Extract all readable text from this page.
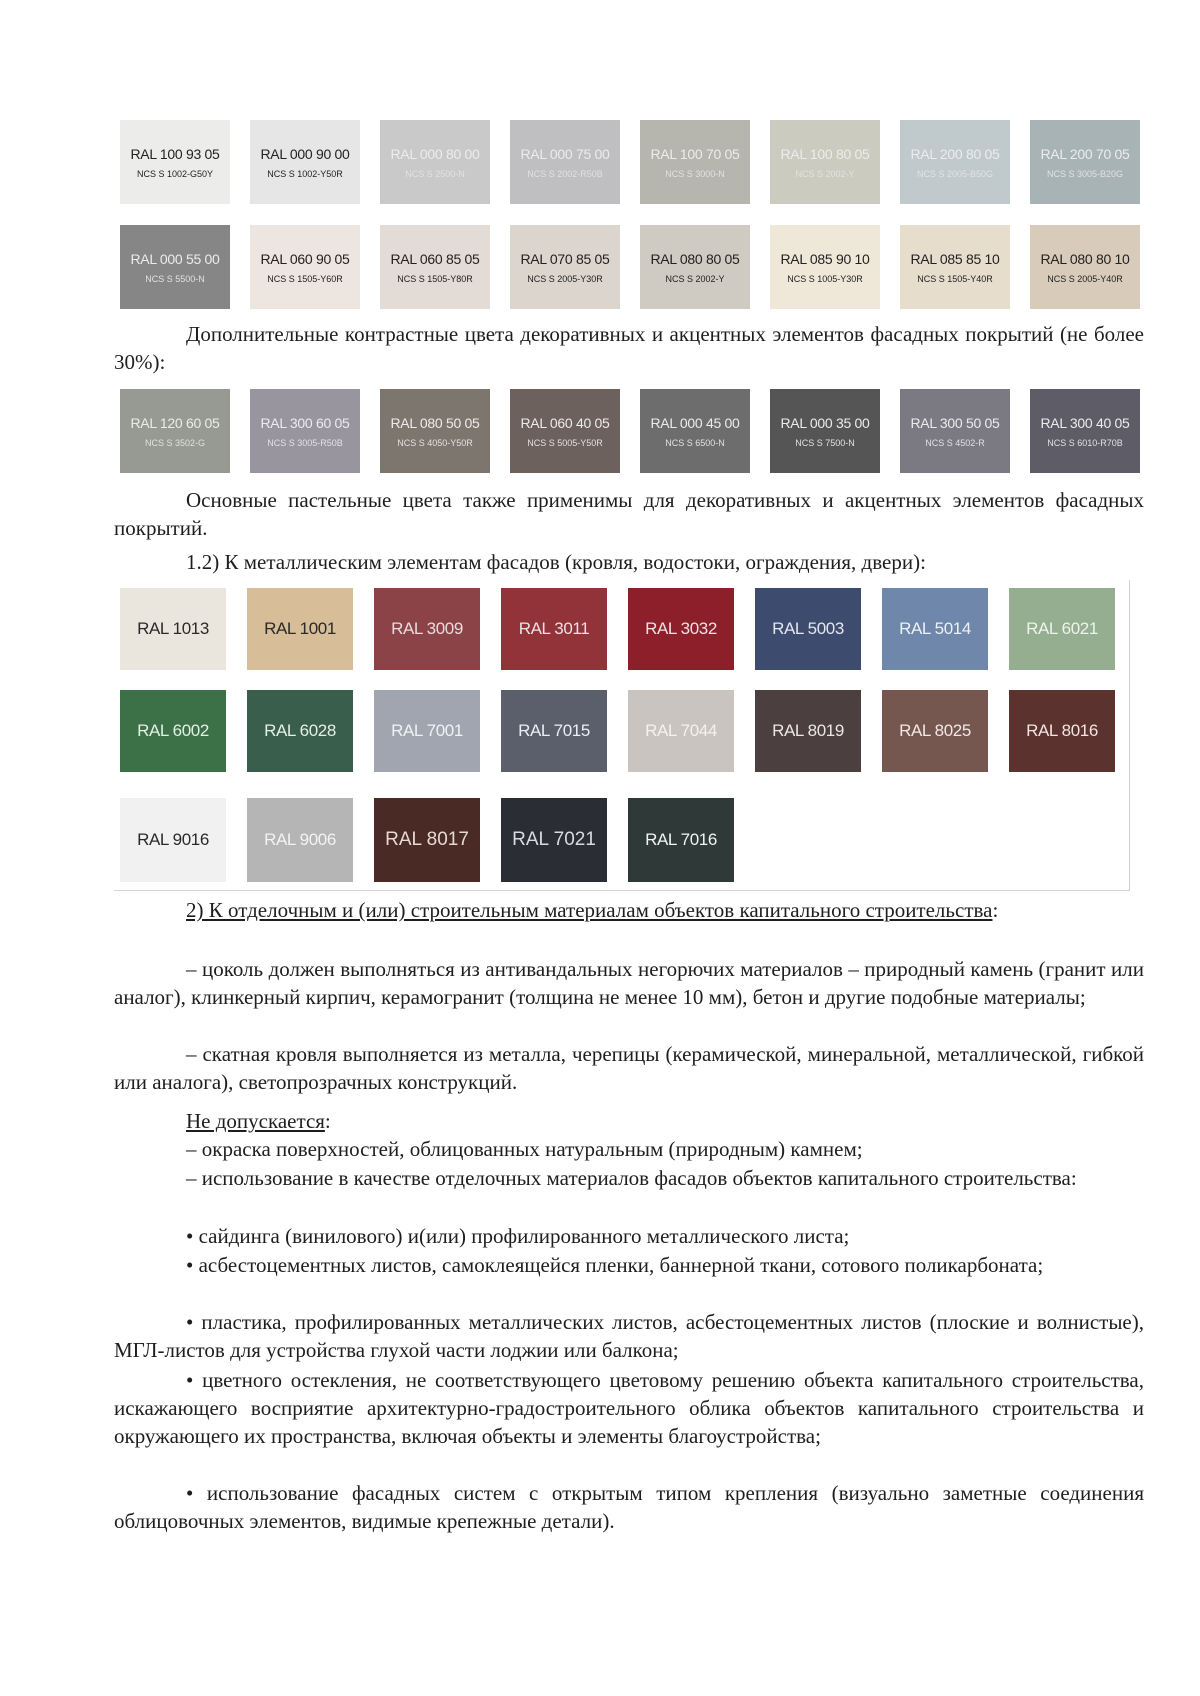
RAL 100 93 05
NCS S 1002-G50Y
RAL 000 90 00
NCS S 1002-Y50R
RAL 000 80 00
NCS S 2500-N
RAL 000 75 00
NCS S 2002-R50B
RAL 100 70 05
NCS S 3000-N
RAL 100 80 05
NCS S 2002-Y
RAL 200 80 05
NCS S 2005-B50G
RAL 200 70 05
NCS S 3005-B20G
RAL 000 55 00
NCS S 5500-N
RAL 060 90 05
NCS S 1505-Y60R
RAL 060 85 05
NCS S 1505-Y80R
RAL 070 85 05
NCS S 2005-Y30R
RAL 080 80 05
NCS S 2002-Y
RAL 085 90 10
NCS S 1005-Y30R
RAL 085 85 10
NCS S 1505-Y40R
RAL 080 80 10
NCS S 2005-Y40R

Дополнительные контрастные цвета декоративных и акцентных элементов фасадных покрытий (не более 30%):

RAL 120 60 05
NCS S 3502-G
RAL 300 60 05
NCS S 3005-R50B
RAL 080 50 05
NCS S 4050-Y50R
RAL 060 40 05
NCS S 5005-Y50R
RAL 000 45 00
NCS S 6500-N
RAL 000 35 00
NCS S 7500-N
RAL 300 50 05
NCS S 4502-R
RAL 300 40 05
NCS S 6010-R70B

Основные пастельные цвета также применимы для декоративных и акцентных элементов фасадных покрытий.

1.2) К металлическим элементам фасадов (кровля, водостоки, ограждения, двери):

RAL 1013	RAL 1001	RAL 3009	RAL 3011	RAL 3032	RAL 5003	RAL 5014	RAL 6021
RAL 6002	RAL 6028	RAL 7001	RAL 7015	RAL 7044	RAL 8019	RAL 8025	RAL 8016
RAL 9016	RAL 9006	RAL 8017 RAL 7021	RAL 7016

2) К отделочным и (или) строительным материалам объектов капитального строительства:

– цоколь должен выполняться из антивандальных негорючих материалов – природный камень (гранит или аналог), клинкерный кирпич, керамогранит (толщина не менее 10 мм), бетон и другие подобные материалы;

– скатная кровля выполняется из металла, черепицы (керамической, минеральной, металлической, гибкой или аналога), светопрозрачных конструкций.

Не допускается:

– окраска поверхностей, облицованных натуральным (природным) камнем;

– использование в качестве отделочных материалов фасадов объектов капитального строительства:

• сайдинга (винилового) и(или) профилированного металлического листа;

• асбестоцементных листов, самоклеящейся пленки, баннерной ткани, сотового поликарбоната;

• пластика, профилированных металлических листов, асбестоцементных листов (плоские и волнистые), МГЛ-листов для устройства глухой части лоджии или балкона;

• цветного остекления, не соответствующего цветовому решению объекта капитального строительства, искажающего восприятие архитектурно-градостроительного облика объектов капитального строительства и окружающего их пространства, включая объекты и элементы благоустройства;

• использование фасадных систем с открытым типом крепления (визуально заметные соединения облицовочных элементов, видимые крепежные детали).
